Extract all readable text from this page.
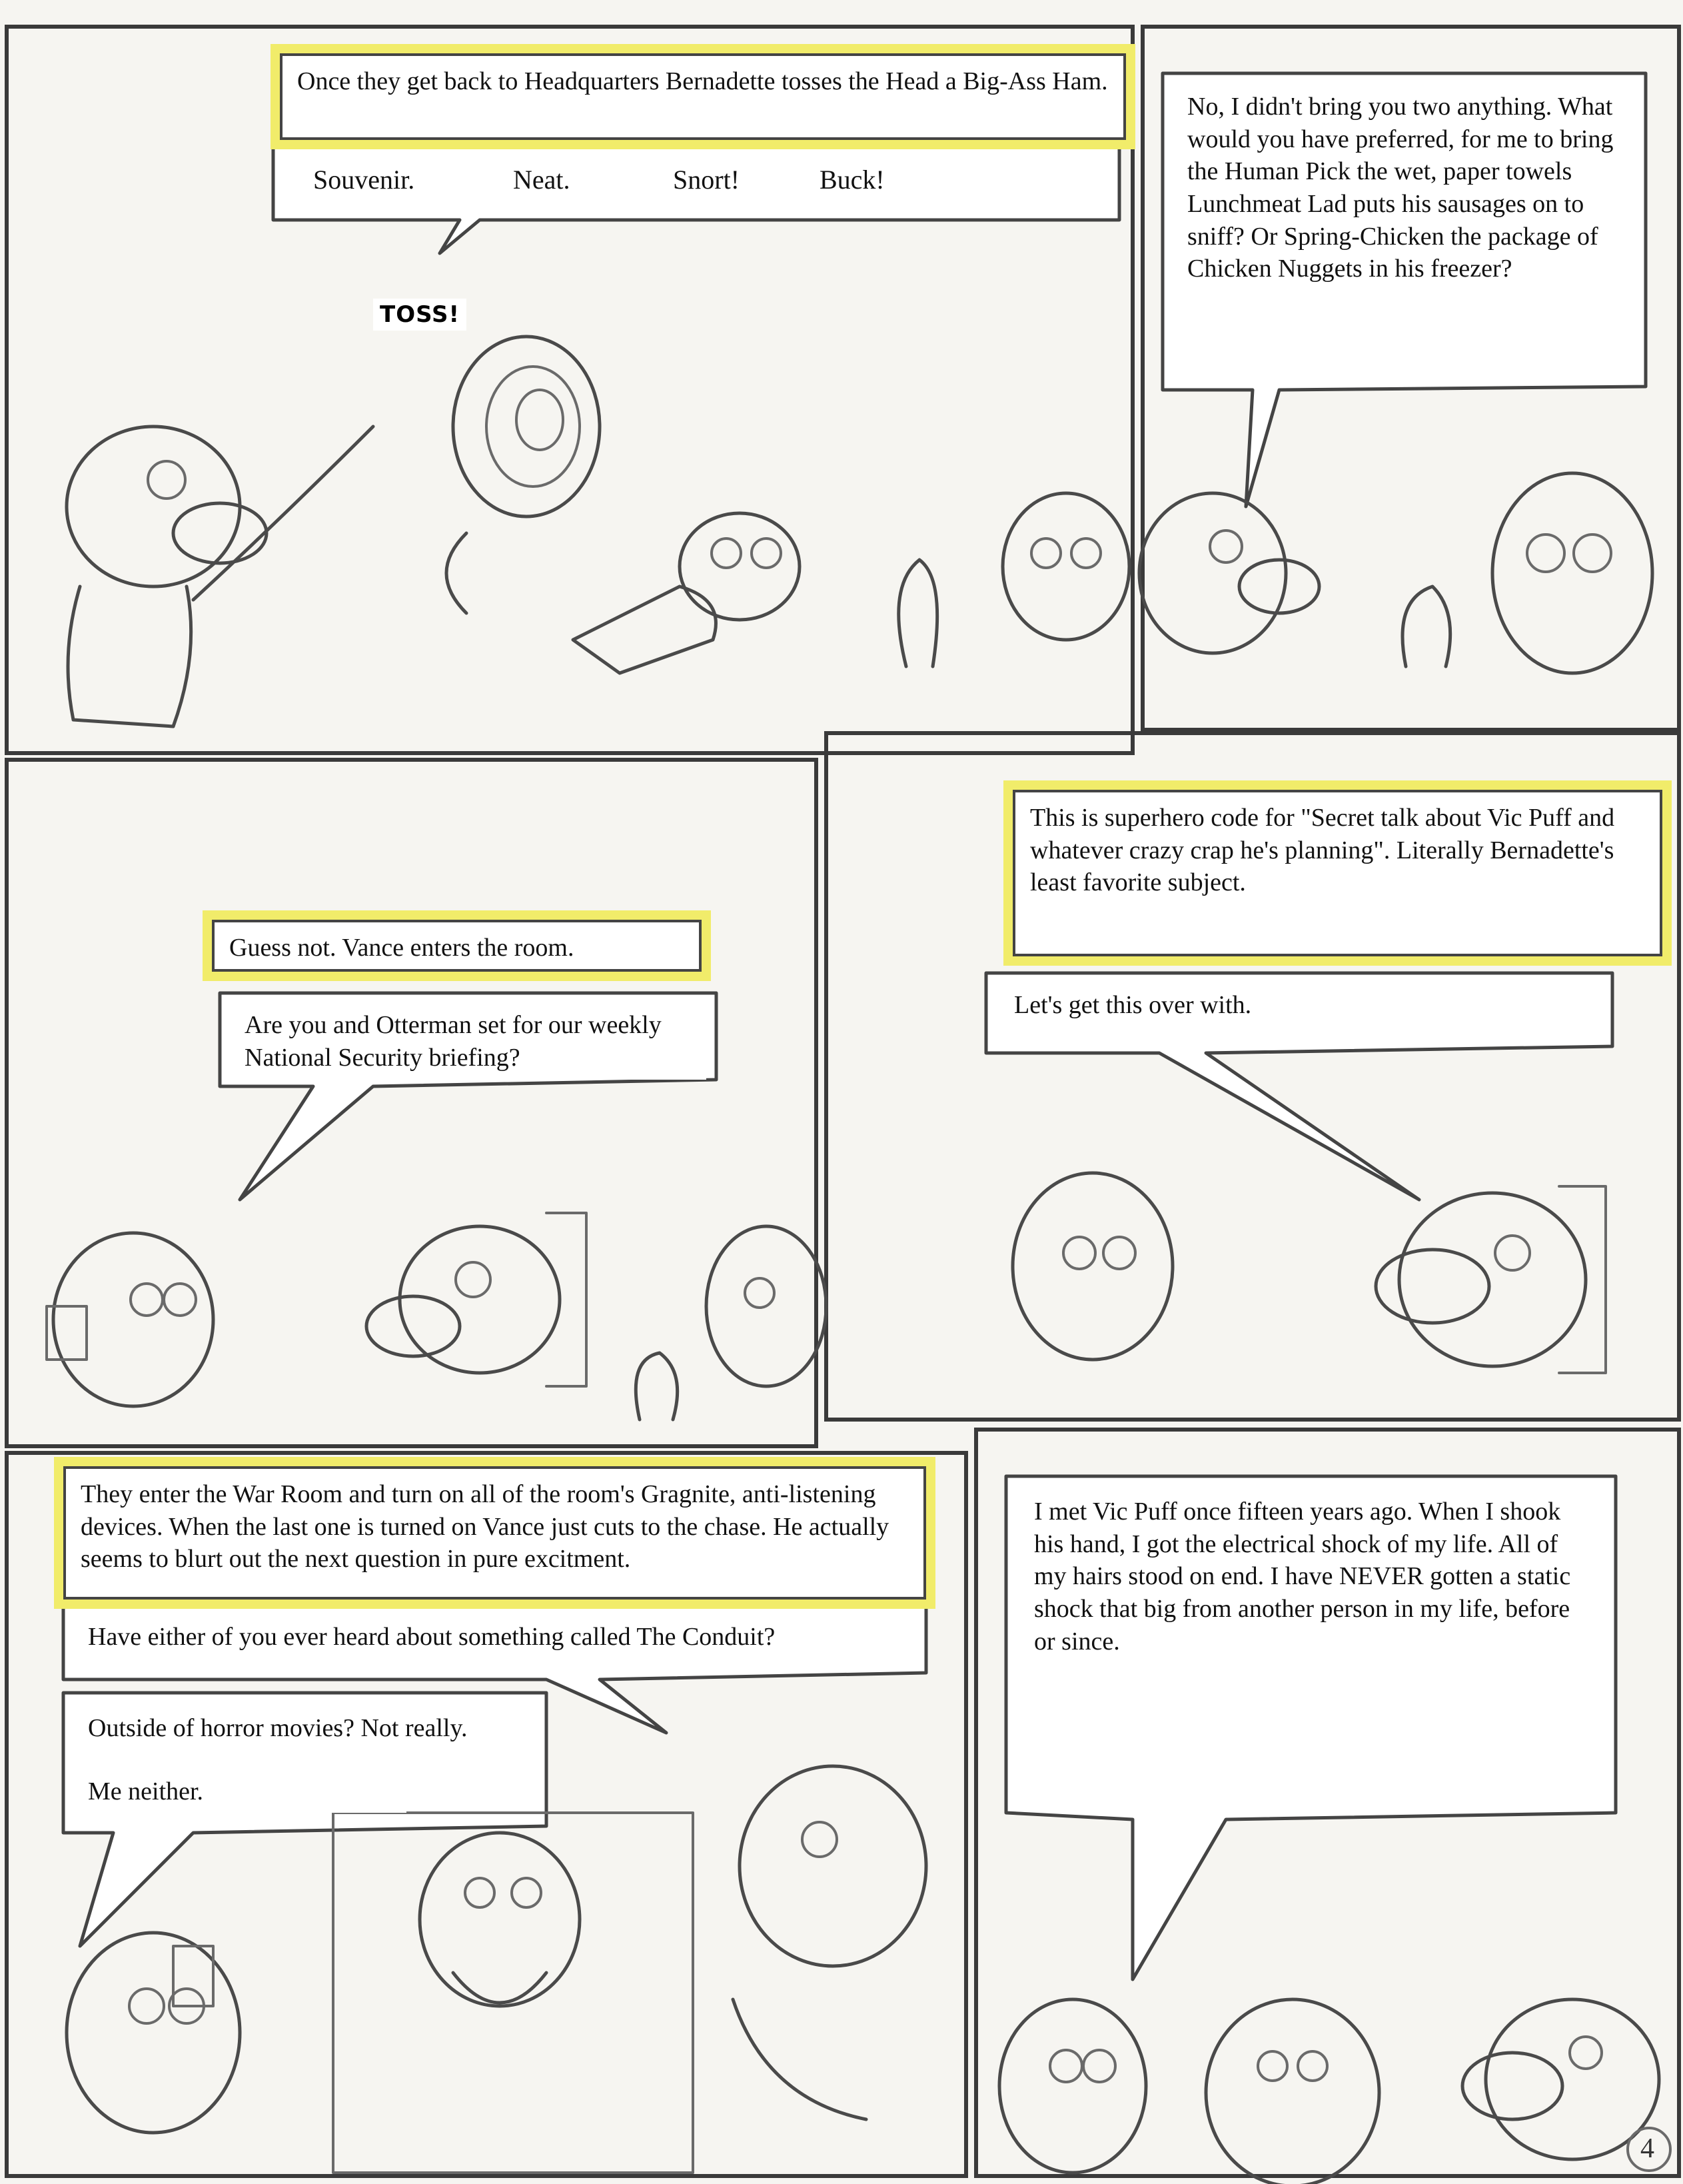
Once they get back to Headquarters Bernadette tosses the Head a Big-Ass Ham.
Souvenir.	Neat.	Snort!	Buck!
TOSS!
No, I didn't bring you two anything. What would you have preferred, for me to bring the Human Pick the wet, paper towels Lunchmeat Lad puts his sausages on to sniff? Or Spring-Chicken the package of Chicken Nuggets in his freezer?
Guess not. Vance enters the room.
Are you and Otterman set for our weekly National Security briefing?
This is superhero code for "Secret talk about Vic Puff and whatever crazy crap he's planning". Literally Bernadette's least favorite subject.
Let's get this over with.
They enter the War Room and turn on all of the room's Gragnite, anti-listening devices. When the last one is turned on Vance just cuts to the chase. He actually seems to blurt out the next question in pure excitment.
Have either of you ever heard about something called The Conduit?
Outside of horror movies? Not really.
Me neither.
I met Vic Puff once fifteen years ago. When I shook his hand, I got the electrical shock of my life. All of my hairs stood on end. I have NEVER gotten a static shock that big from another person in my life, before or since.
4
